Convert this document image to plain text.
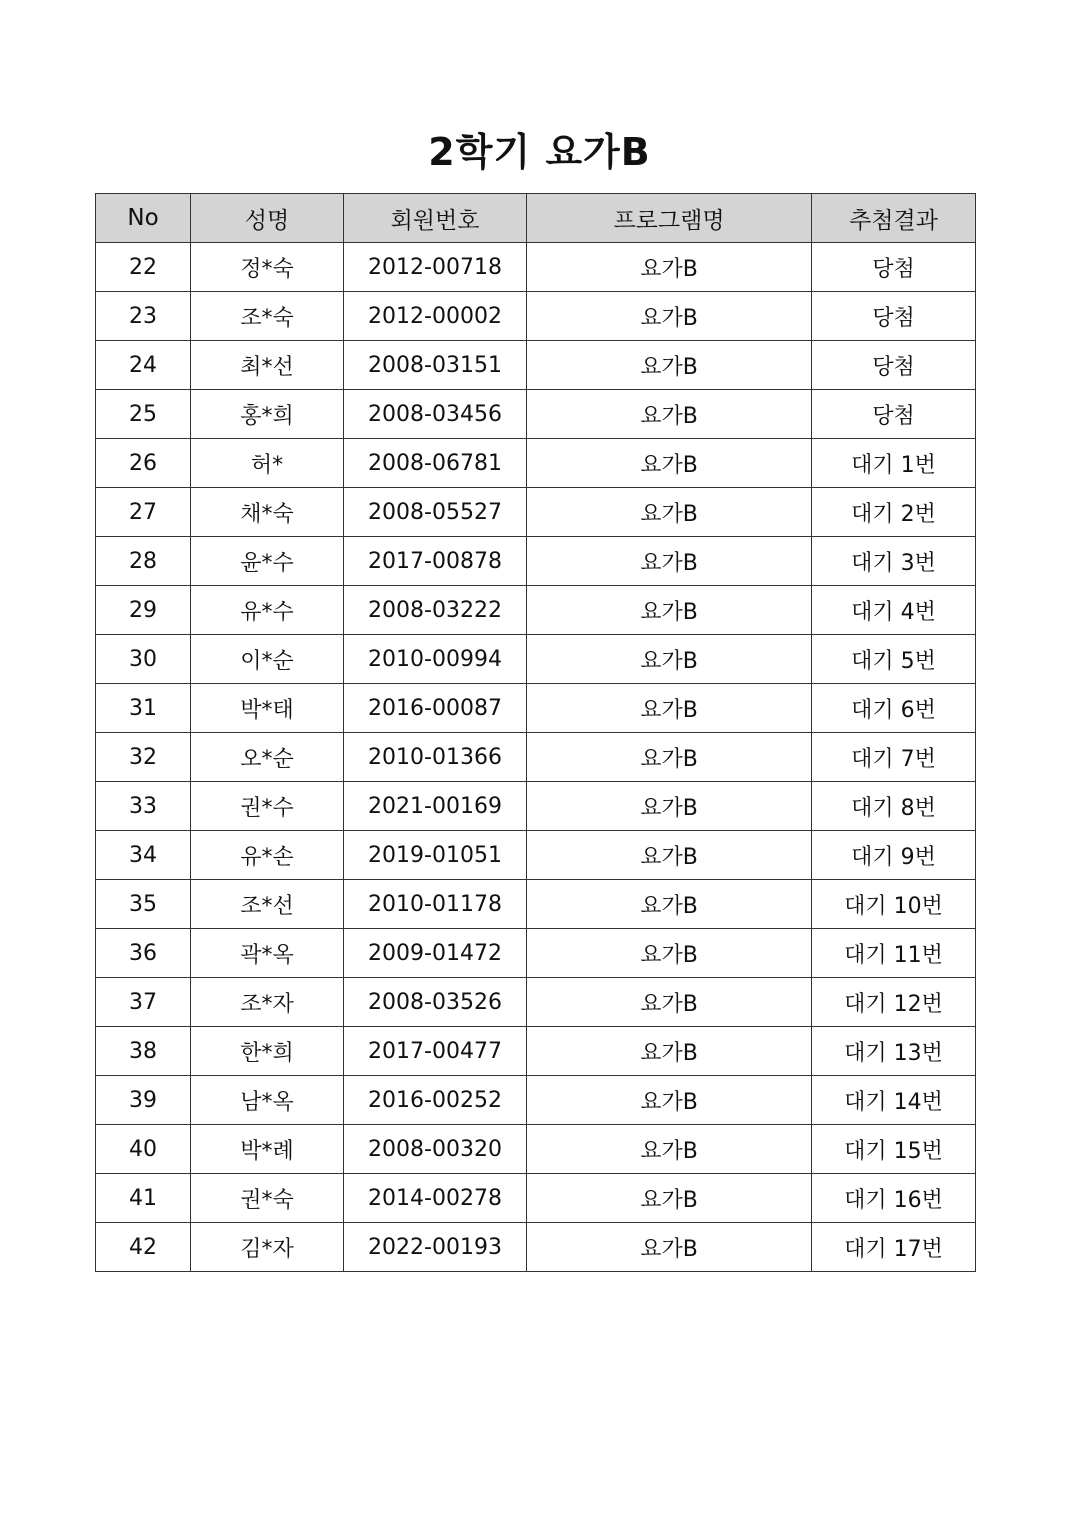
2학기 요가B
No	성명	회원번호	프로그램명	추첨결과
22	정*숙	2012-00718	요가B	당첨
23	조*숙	2012-00002	요가B	당첨
24	최*선	2008-03151	요가B	당첨
25	홍*희	2008-03456	요가B	당첨
26	허*	2008-06781	요가B	대기 1번
27	채*숙	2008-05527	요가B	대기 2번
28	윤*수	2017-00878	요가B	대기 3번
29	유*수	2008-03222	요가B	대기 4번
30	이*순	2010-00994	요가B	대기 5번
31	박*태	2016-00087	요가B	대기 6번
32	오*순	2010-01366	요가B	대기 7번
33	권*수	2021-00169	요가B	대기 8번
34	유*손	2019-01051	요가B	대기 9번
35	조*선	2010-01178	요가B	대기 10번
36	곽*옥	2009-01472	요가B	대기 11번
37	조*자	2008-03526	요가B	대기 12번
38	한*희	2017-00477	요가B	대기 13번
39	남*옥	2016-00252	요가B	대기 14번
40	박*례	2008-00320	요가B	대기 15번
41	권*숙	2014-00278	요가B	대기 16번
42	김*자	2022-00193	요가B	대기 17번
